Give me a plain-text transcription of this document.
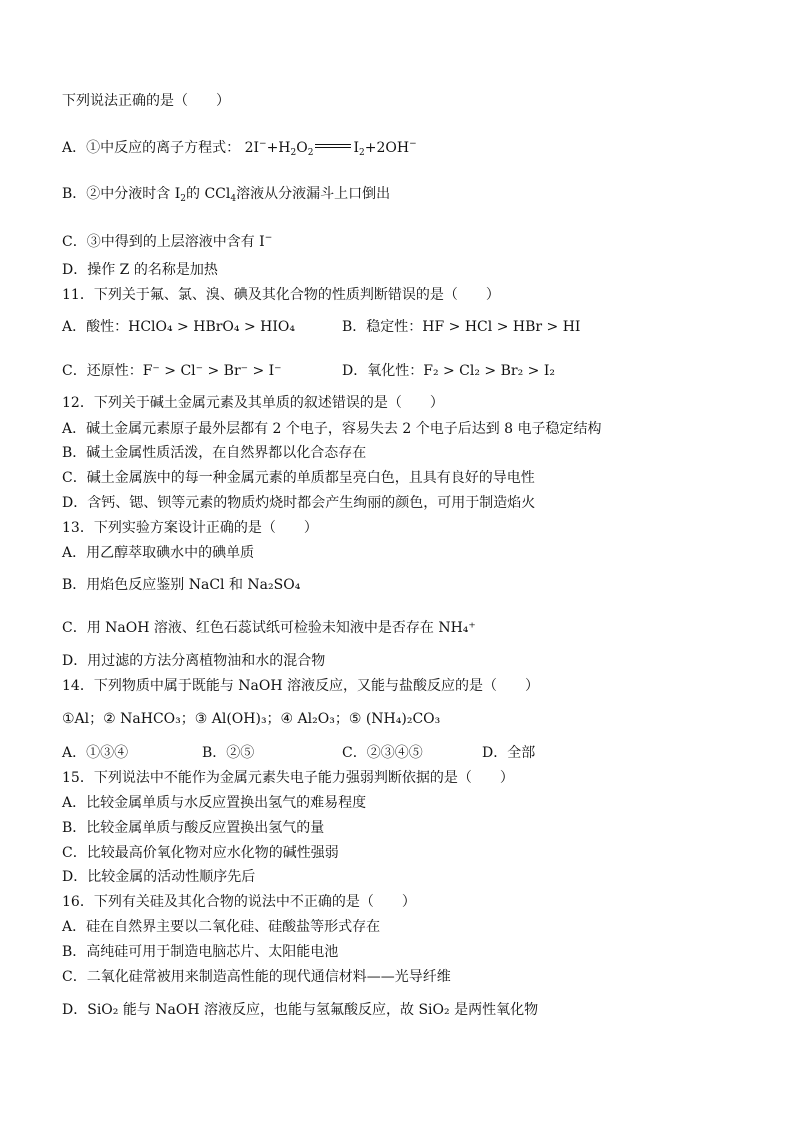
下列说法正确的是（　　）
A．①中反应的离子方程式： $2I^-+H_2O_2$	$I_2+2OH^-$
B．②中分液时含 $I_2$的 CCl$_4$溶液从分液漏斗上口倒出
C．③中得到的上层溶液中含有 I−
D．操作 Z 的名称是加热
11．下列关于氟、氯、溴、碘及其化合物的性质判断错误的是（　　）
A．酸性：HClO₄ > HBrO₄ > HIO₄	B．稳定性：HF > HCl > HBr > HI
C．还原性：F⁻ > Cl⁻ > Br⁻ > I⁻	D．氧化性：F₂ > Cl₂ > Br₂ > I₂
12．下列关于碱土金属元素及其单质的叙述错误的是（　　）
A．碱土金属元素原子最外层都有 2 个电子，容易失去 2 个电子后达到 8 电子稳定结构
B．碱土金属性质活泼，在自然界都以化合态存在
C．碱土金属族中的每一种金属元素的单质都呈亮白色，且具有良好的导电性
D．含钙、锶、钡等元素的物质灼烧时都会产生绚丽的颜色，可用于制造焰火
13．下列实验方案设计正确的是（　　）
A．用乙醇萃取碘水中的碘单质
B．用焰色反应鉴别 NaCl 和 Na₂SO₄
C．用 NaOH 溶液、红色石蕊试纸可检验未知液中是否存在 NH₄⁺
D．用过滤的方法分离植物油和水的混合物
14．下列物质中属于既能与 NaOH 溶液反应，又能与盐酸反应的是（　　）
①Al；② NaHCO₃；③ Al(OH)₃；④ Al₂O₃；⑤ (NH₄)₂CO₃
A．①③④	B．②⑤	C．②③④⑤	D．全部
15．下列说法中不能作为金属元素失电子能力强弱判断依据的是（　　）
A．比较金属单质与水反应置换出氢气的难易程度
B．比较金属单质与酸反应置换出氢气的量
C．比较最高价氧化物对应水化物的碱性强弱
D．比较金属的活动性顺序先后
16．下列有关硅及其化合物的说法中不正确的是（　　）
A．硅在自然界主要以二氧化硅、硅酸盐等形式存在
B．高纯硅可用于制造电脑芯片、太阳能电池
C．二氧化硅常被用来制造高性能的现代通信材料——光导纤维
D．SiO₂ 能与 NaOH 溶液反应，也能与氢氟酸反应，故 SiO₂ 是两性氧化物
